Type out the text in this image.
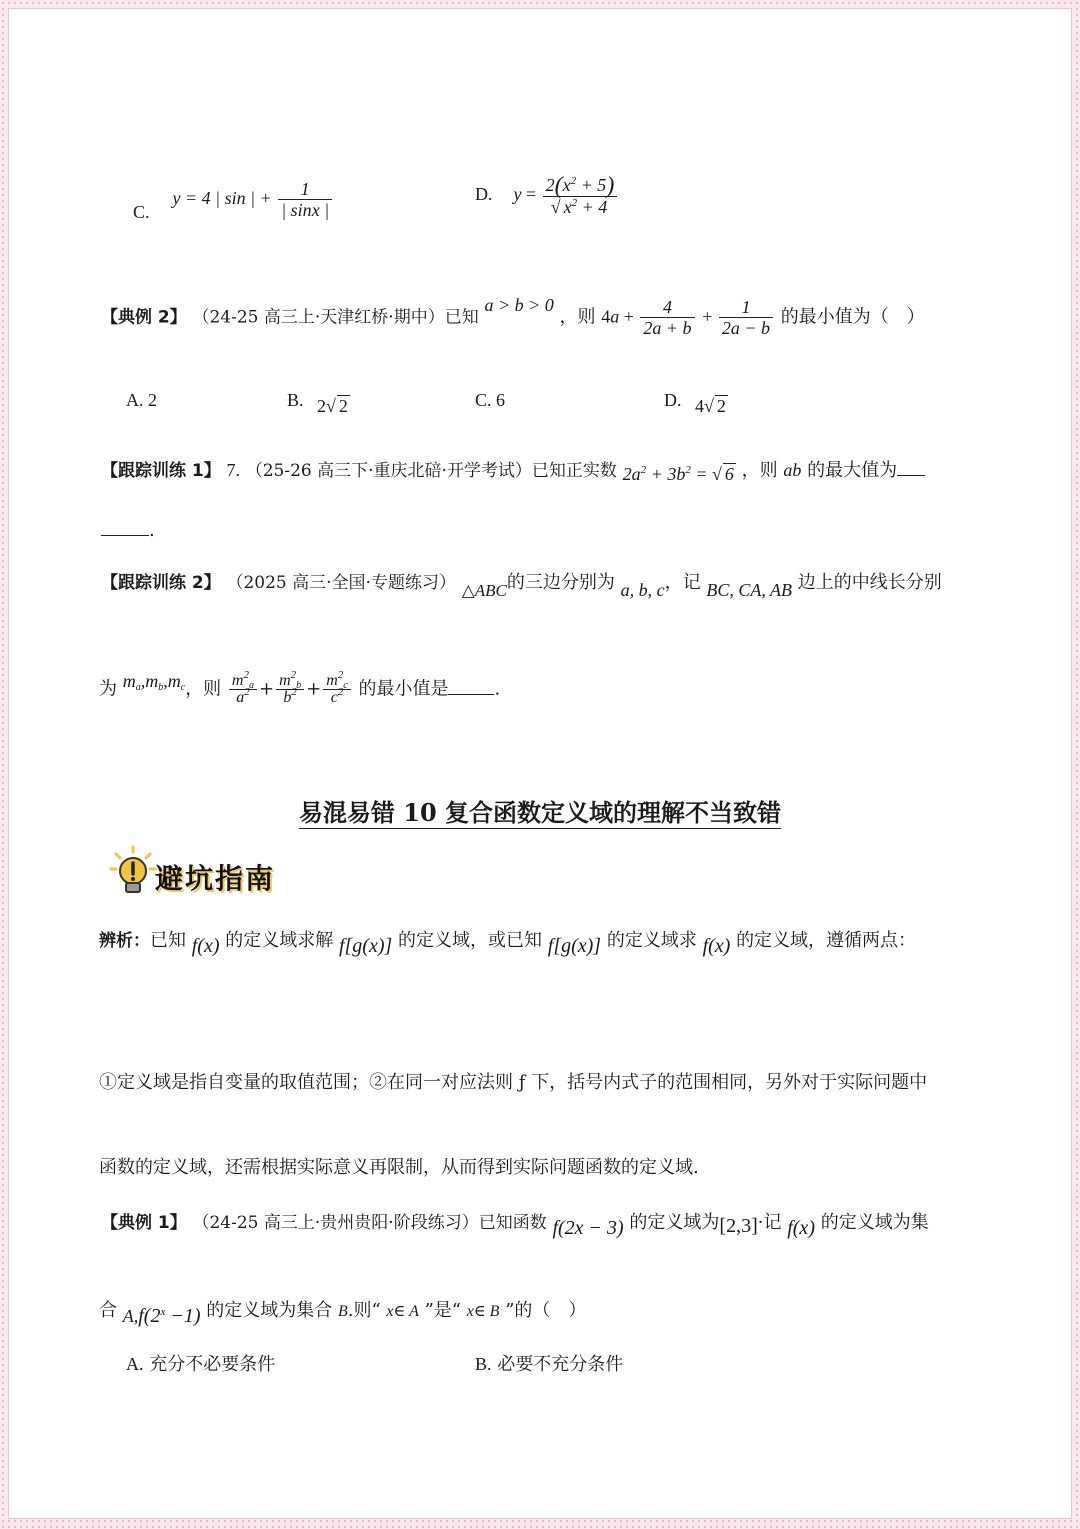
C.  y = 4 | sin | + $\frac{1}{| \sin x |}$	D. $y = \frac{2(x^2 + 5)}{√ x^2 + 4}$
【典例 2】 （24-25 高三上·天津红桥·期中）已知 a > b > 0 ，则 $4a + \frac{4}{2a + b} + \frac{1}{2a - b}$ 的最小值为（　）
A. 2	B. 2√ 2	C. 6	D. 4√ 2
【跟踪训练 1】 7. （25-26 高三下·重庆北碚·开学考试）已知正实数 $2a^2 + 3b^2$ = √ 6 ，则 ab 的最大值为
.
【跟踪训练 2】 （2025 高三·全国·专题练习） △ABC的三边分别为 a, b, c，记 BC, CA, AB 边上的中线长分别
为 $m_a,m_b,m_c$，则 $\frac{m^2_a}{a^2} + \frac{m^2_b}{b^2} + \frac{m^2_c}{c^2}$ 的最小值是	.
易混易错 10 复合函数定义域的理解不当致错
避坑指南
辨析：已知 f(x) 的定义域求解 f[g(x)] 的定义域，或已知 f[g(x)] 的定义域求 f(x) 的定义域，遵循两点：
①定义域是指自变量的取值范围；②在同一对应法则 ƒ 下，括号内式子的范围相同，另外对于实际问题中
函数的定义域，还需根据实际意义再限制，从而得到实际问题函数的定义域.
【典例 1】 （24-25 高三上·贵州贵阳·阶段练习）已知函数 f(2x − 3) 的定义域为[2,3]·记 f(x) 的定义域为集
合 $A,f(2^x -1)$ 的定义域为集合 B.则“ x∈ A ”是“ x∈ B ”的（　）
A. 充分不必要条件	B. 必要不充分条件
